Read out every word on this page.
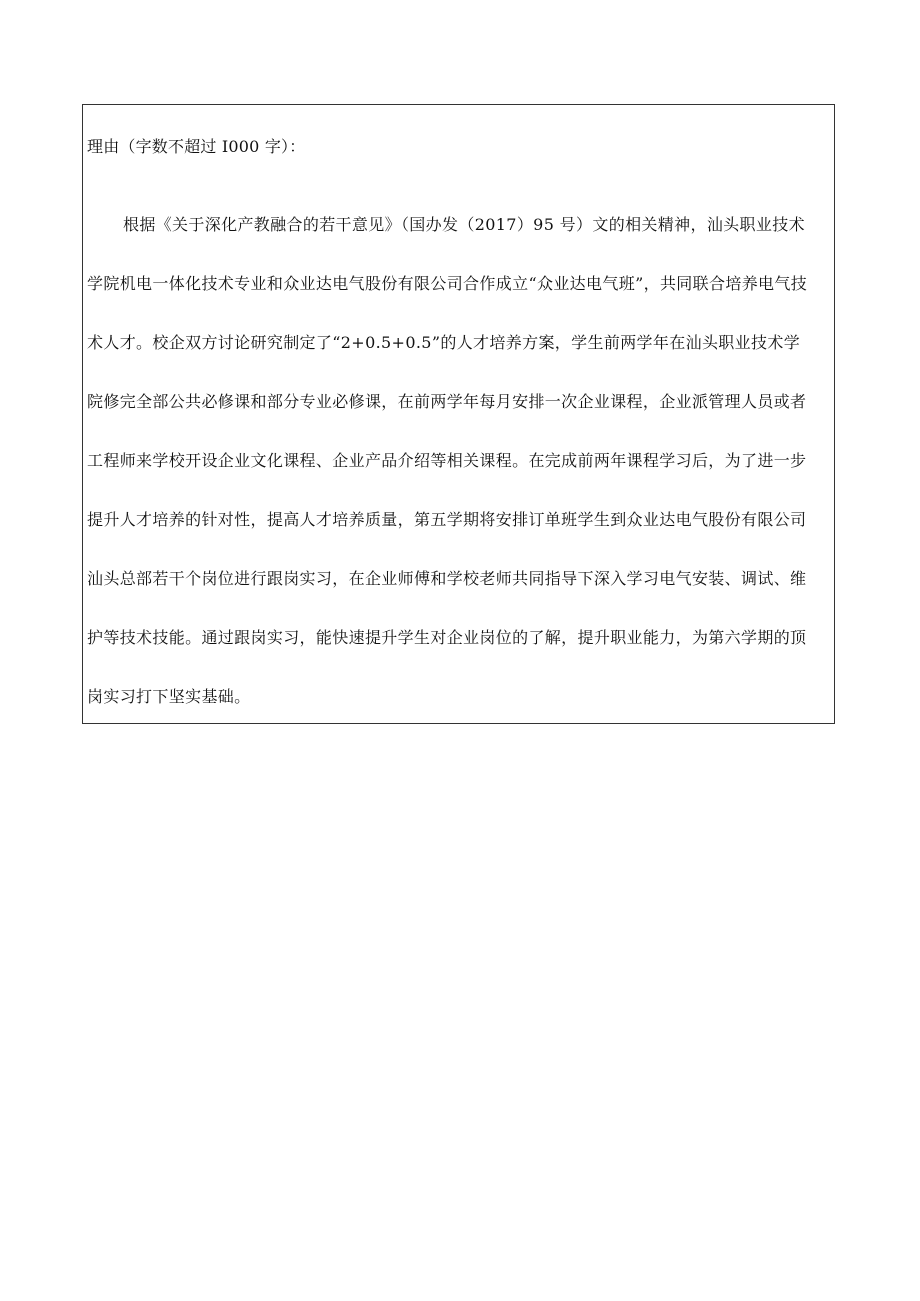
理由（字数不超过 I000 字）：
根据《关于深化产教融合的若干意见》（国办发（2017）95 号）文的相关精神，汕头职业技术
学院机电一体化技术专业和众业达电气股份有限公司合作成立“众业达电气班”，共同联合培养电气技
术人才。校企双方讨论研究制定了“2+0.5+0.5”的人才培养方案，学生前两学年在汕头职业技术学
院修完全部公共必修课和部分专业必修课，在前两学年每月安排一次企业课程，企业派管理人员或者
工程师来学校开设企业文化课程、企业产品介绍等相关课程。在完成前两年课程学习后，为了进一步
提升人才培养的针对性，提高人才培养质量，第五学期将安排订单班学生到众业达电气股份有限公司
汕头总部若干个岗位进行跟岗实习，在企业师傅和学校老师共同指导下深入学习电气安装、调试、维
护等技术技能。通过跟岗实习，能快速提升学生对企业岗位的了解，提升职业能力，为第六学期的顶
岗实习打下坚实基础。
